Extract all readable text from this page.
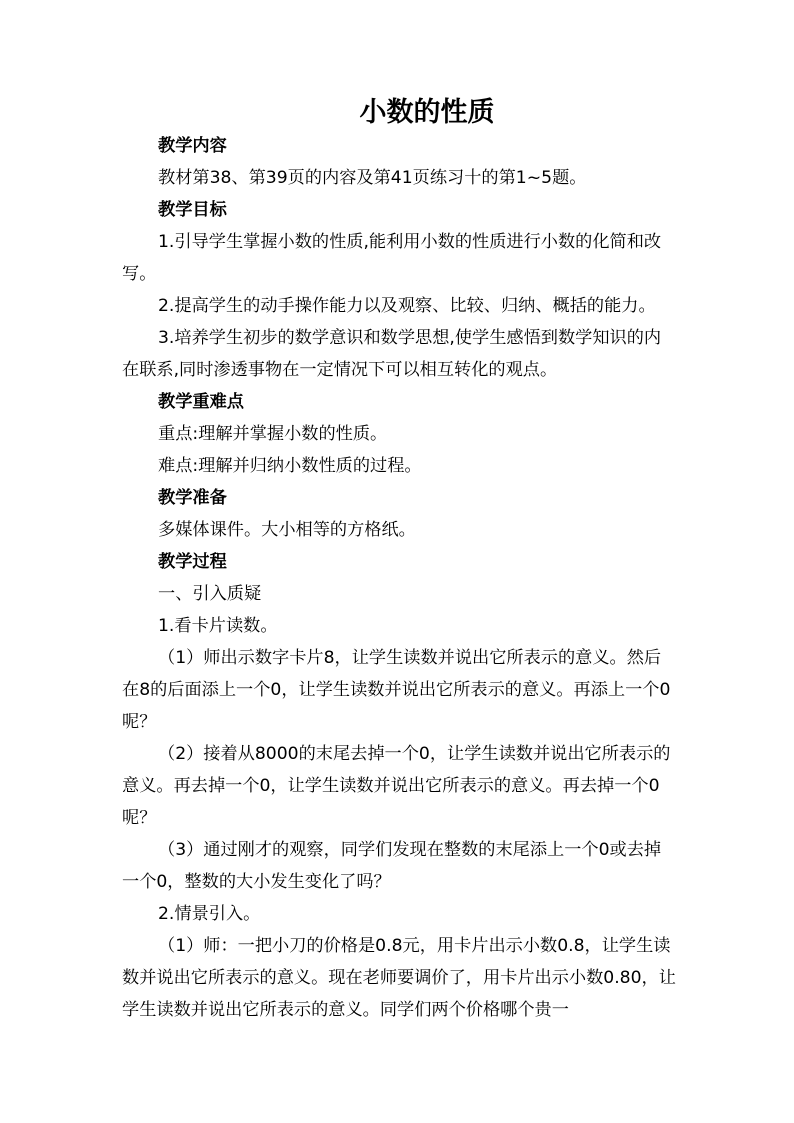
小数的性质

教学内容

教材第38、第39页的内容及第41页练习十的第1~5题。

教学目标

1.引导学生掌握小数的性质,能利用小数的性质进行小数的化简和改写。

2.提高学生的动手操作能力以及观察、比较、归纳、概括的能力。

3.培养学生初步的数学意识和数学思想,使学生感悟到数学知识的内在联系,同时渗透事物在一定情况下可以相互转化的观点。

教学重难点

重点:理解并掌握小数的性质。

难点:理解并归纳小数性质的过程。

教学准备

多媒体课件。大小相等的方格纸。

教学过程

一、引入质疑

1.看卡片读数。

（1）师出示数字卡片8，让学生读数并说出它所表示的意义。然后在8的后面添上一个0，让学生读数并说出它所表示的意义。再添上一个0呢？

（2）接着从8000的末尾去掉一个0，让学生读数并说出它所表示的意义。再去掉一个0，让学生读数并说出它所表示的意义。再去掉一个0呢？

（3）通过刚才的观察，同学们发现在整数的末尾添上一个0或去掉一个0，整数的大小发生变化了吗？

2.情景引入。

（1）师：一把小刀的价格是0.8元，用卡片出示小数0.8，让学生读数并说出它所表示的意义。现在老师要调价了，用卡片出示小数0.80，让学生读数并说出它所表示的意义。同学们两个价格哪个贵一
